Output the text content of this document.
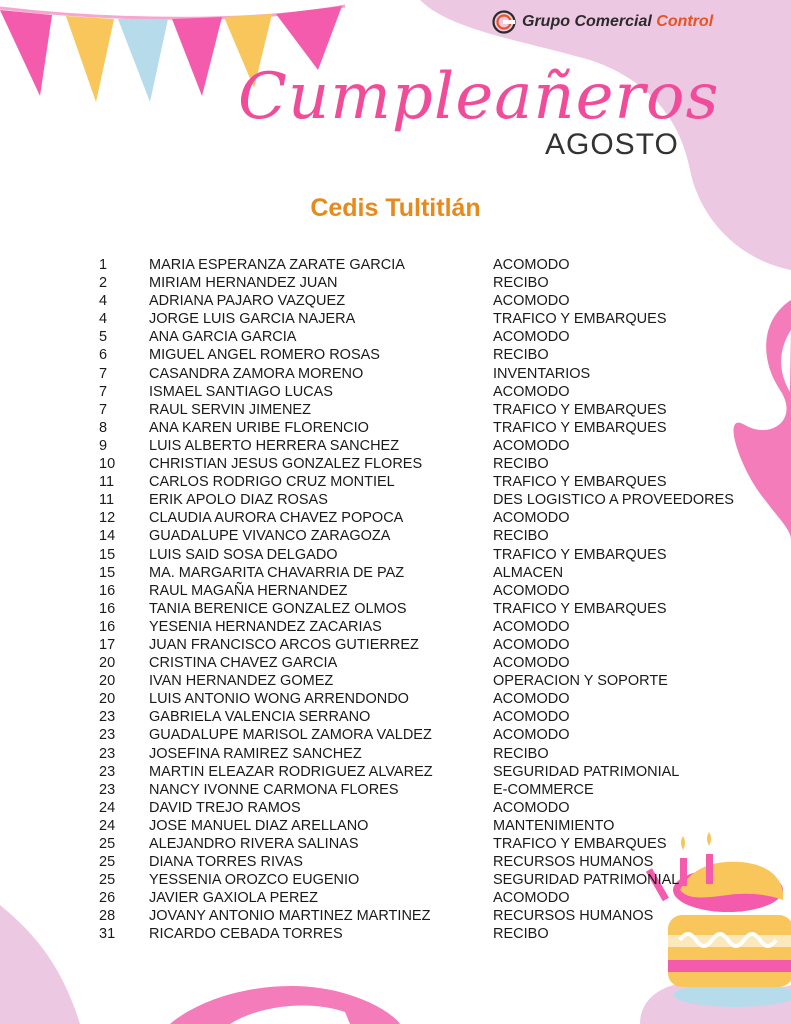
Grupo Comercial Control
Cumpleañeros
AGOSTO
Cedis Tultitlán
1	MARIA ESPERANZA ZARATE GARCIA	ACOMODO
2	MIRIAM HERNANDEZ JUAN	RECIBO
4	ADRIANA PAJARO VAZQUEZ	ACOMODO
4	JORGE LUIS GARCIA NAJERA	TRAFICO Y EMBARQUES
5	ANA GARCIA GARCIA	ACOMODO
6	MIGUEL ANGEL ROMERO ROSAS	RECIBO
7	CASANDRA ZAMORA MORENO	INVENTARIOS
7	ISMAEL SANTIAGO LUCAS	ACOMODO
7	RAUL SERVIN JIMENEZ	TRAFICO Y EMBARQUES
8	ANA KAREN URIBE FLORENCIO	TRAFICO Y EMBARQUES
9	LUIS ALBERTO HERRERA SANCHEZ	ACOMODO
10 CHRISTIAN JESUS GONZALEZ FLORES	RECIBO
11 CARLOS RODRIGO CRUZ MONTIEL	TRAFICO Y EMBARQUES
11 ERIK APOLO DIAZ ROSAS	DES LOGISTICO A PROVEEDORES
12 CLAUDIA AURORA CHAVEZ POPOCA	ACOMODO
14 GUADALUPE VIVANCO ZARAGOZA	RECIBO
15 LUIS SAID SOSA DELGADO	TRAFICO Y EMBARQUES
15 MA. MARGARITA CHAVARRIA DE PAZ	ALMACEN
16 RAUL MAGAÑA HERNANDEZ	ACOMODO
16 TANIA BERENICE GONZALEZ OLMOS	TRAFICO Y EMBARQUES
16 YESENIA HERNANDEZ ZACARIAS	ACOMODO
17 JUAN FRANCISCO ARCOS GUTIERREZ	ACOMODO
20 CRISTINA CHAVEZ GARCIA	ACOMODO
20 IVAN HERNANDEZ GOMEZ	OPERACION Y SOPORTE
20 LUIS ANTONIO WONG ARRENDONDO	ACOMODO
23 GABRIELA VALENCIA SERRANO	ACOMODO
23 GUADALUPE MARISOL ZAMORA VALDEZ	ACOMODO
23 JOSEFINA RAMIREZ SANCHEZ	RECIBO
23 MARTIN ELEAZAR RODRIGUEZ ALVAREZ	SEGURIDAD PATRIMONIAL
23 NANCY IVONNE CARMONA FLORES	E-COMMERCE
24 DAVID TREJO RAMOS	ACOMODO
24 JOSE MANUEL DIAZ ARELLANO	MANTENIMIENTO
25 ALEJANDRO RIVERA SALINAS	TRAFICO Y EMBARQUES
25 DIANA TORRES RIVAS	RECURSOS HUMANOS
25 YESSENIA OROZCO EUGENIO	SEGURIDAD PATRIMONIAL
26 JAVIER GAXIOLA PEREZ	ACOMODO
28 JOVANY ANTONIO MARTINEZ MARTINEZ	RECURSOS HUMANOS
31 RICARDO CEBADA TORRES	RECIBO
